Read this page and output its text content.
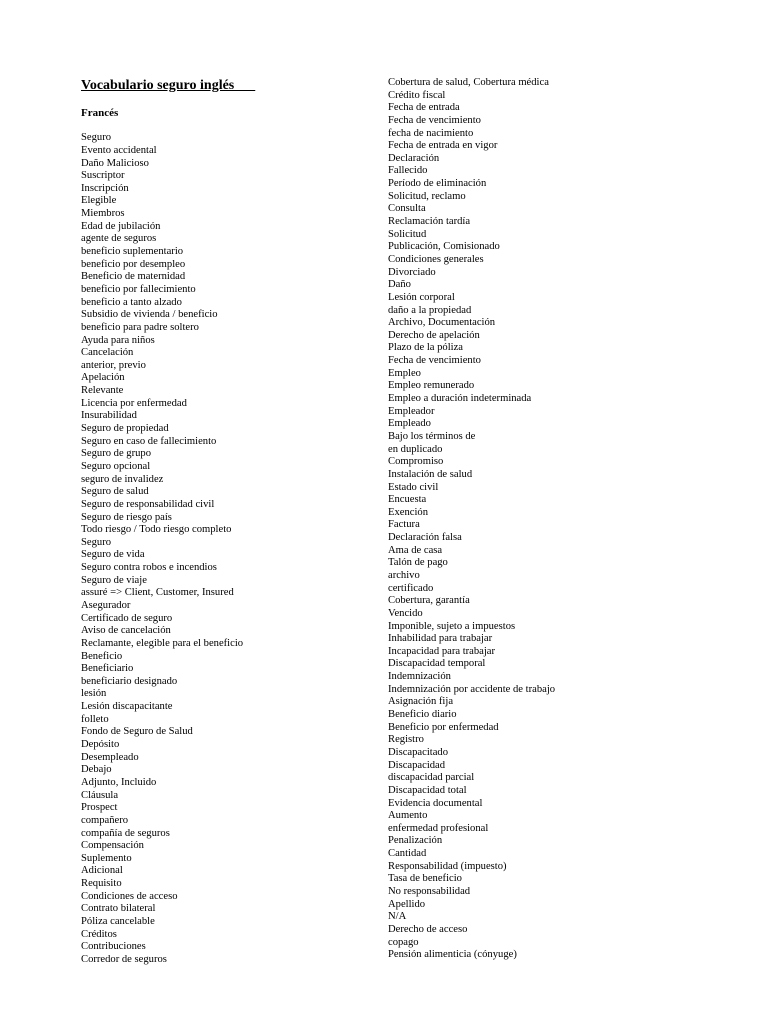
Vocabulario seguro inglés
Francés
Seguro
Evento accidental
Daño Malicioso
Suscriptor
Inscripción
Elegible
Miembros
Edad de jubilación
agente de seguros
beneficio suplementario
beneficio por desempleo
Beneficio de maternidad
beneficio por fallecimiento
beneficio a tanto alzado
Subsidio de vivienda / beneficio
beneficio para padre soltero
Ayuda para niños
Cancelación
anterior, previo
Apelación
Relevante
Licencia por enfermedad
Insurabilidad
Seguro de propiedad
Seguro en caso de fallecimiento
Seguro de grupo
Seguro opcional
seguro de invalidez
Seguro de salud
Seguro de responsabilidad civil
Seguro de riesgo país
Todo riesgo / Todo riesgo completo
Seguro
Seguro de vida
Seguro contra robos e incendios
Seguro de viaje
assuré => Client, Customer, Insured
Asegurador
Certificado de seguro
Aviso de cancelación
Reclamante, elegible para el beneficio
Beneficio
Beneficiario
beneficiario designado
lesión
Lesión discapacitante
folleto
Fondo de Seguro de Salud
Depósito
Desempleado
Debajo
Adjunto, Incluido
Cláusula
Prospect
compañero
compañía de seguros
Compensación
Suplemento
Adicional
Requisito
Condiciones de acceso
Contrato bilateral
Póliza cancelable
Créditos
Contribuciones
Corredor de seguros
Cobertura de salud, Cobertura médica
Crédito fiscal
Fecha de entrada
Fecha de vencimiento
fecha de nacimiento
Fecha de entrada en vigor
Declaración
Fallecido
Período de eliminación
Solicitud, reclamo
Consulta
Reclamación tardía
Solicitud
Publicación, Comisionado
Condiciones generales
Divorciado
Daño
Lesión corporal
daño a la propiedad
Archivo, Documentación
Derecho de apelación
Plazo de la póliza
Fecha de vencimiento
Empleo
Empleo remunerado
Empleo a duración indeterminada
Empleador
Empleado
Bajo los términos de
en duplicado
Compromiso
Instalación de salud
Estado civil
Encuesta
Exención
Factura
Declaración falsa
Ama de casa
Talón de pago
archivo
certificado
Cobertura, garantía
Vencido
Imponible, sujeto a impuestos
Inhabilidad para trabajar
Incapacidad para trabajar
Discapacidad temporal
Indemnización
Indemnización por accidente de trabajo
Asignación fija
Beneficio diario
Beneficio por enfermedad
Registro
Discapacitado
Discapacidad
discapacidad parcial
Discapacidad total
Evidencia documental
Aumento
enfermedad profesional
Penalización
Cantidad
Responsabilidad (impuesto)
Tasa de beneficio
No responsabilidad
Apellido
N/A
Derecho de acceso
copago
Pensión alimenticia (cónyuge)
